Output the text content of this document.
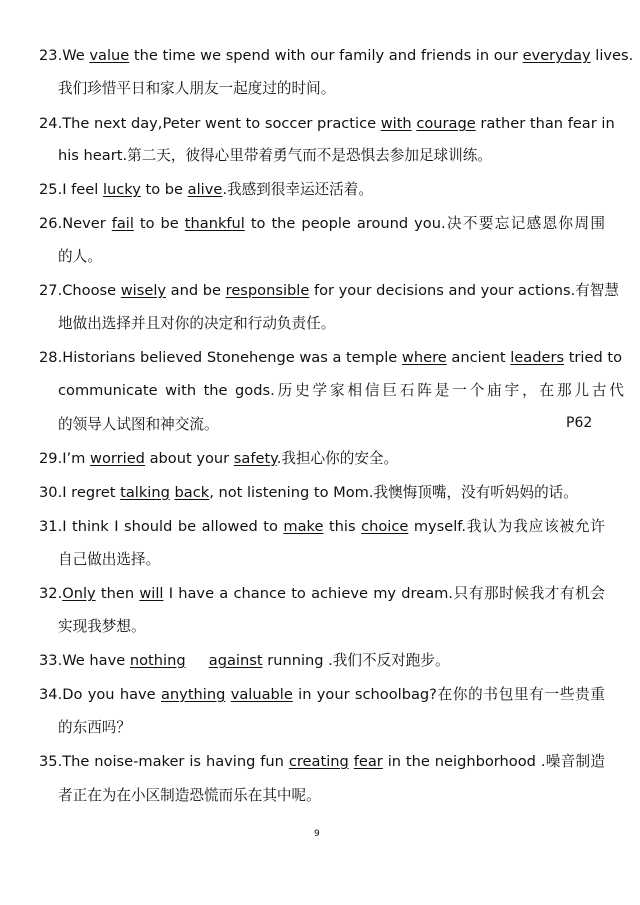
23.We value the time we spend with our family and friends in our everyday lives.
我们珍惜平日和家人朋友一起度过的时间。
24.The next day,Peter went to soccer practice with courage rather than fear in
his heart.第二天，彼得心里带着勇气而不是恐惧去参加足球训练。
25.I feel lucky to be alive.我感到很幸运还活着。
26.Never fail to be thankful to the people around you.决不要忘记感恩你周围
的人。
27.Choose wisely and be responsible for your decisions and your actions.有智慧
地做出选择并且对你的决定和行动负责任。
28.Historians believed Stonehenge was a temple where ancient leaders tried to
communicate with the gods.历史学家相信巨石阵是一个庙宇，在那儿古代
的领导人试图和神交流。
29.I’m worried about your safety.我担心你的安全。
30.I regret talking back, not listening to Mom.我懊悔顶嘴，没有听妈妈的话。
31.I think I should be allowed to make this choice myself.我认为我应该被允许
自己做出选择。
32.Only then will I have a chance to achieve my dream.只有那时候我才有机会
实现我梦想。
33.We have nothing against running .我们不反对跑步。
34.Do you have anything valuable in your schoolbag?在你的书包里有一些贵重
的东西吗？
35.The noise-maker is having fun creating fear in the neighborhood .噪音制造
者正在为在小区制造恐慌而乐在其中呢。
P62
9
